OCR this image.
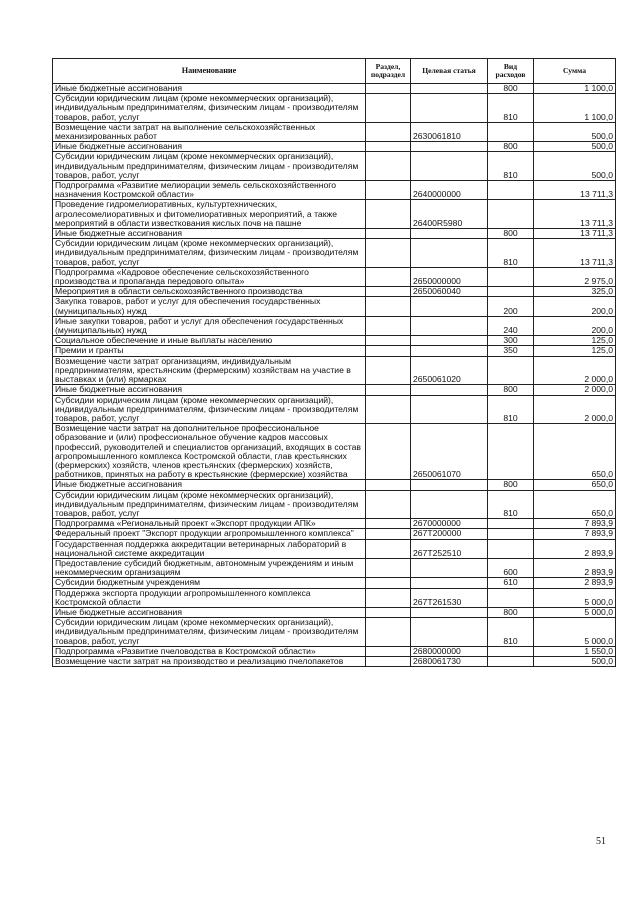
Наименование	Раздел, подраздел	Целевая статья	Вид расходов	Сумма
Иные бюджетные ассигнования			800	1 100,0
Субсидии юридическим лицам (кроме некоммерческих организаций), индивидуальным предпринимателям, физическим лицам - производителям товаров, работ, услуг			810	1 100,0
Возмещение части затрат на выполнение сельскохозяйственных механизированных работ		2630061810		500,0
Иные бюджетные ассигнования			800	500,0
Субсидии юридическим лицам (кроме некоммерческих организаций), индивидуальным предпринимателям, физическим лицам - производителям товаров, работ, услуг			810	500,0
Подпрограмма «Развитие мелиорации земель сельскохозяйственного назначения Костромской области»		2640000000		13 711,3
Проведение гидромелиоративных, культуртехнических, агролесомелиоративных и фитомелиоративных мероприятий, а также мероприятий в области известкования кислых почв на пашне		26400R5980		13 711,3
Иные бюджетные ассигнования			800	13 711,3
Субсидии юридическим лицам (кроме некоммерческих организаций), индивидуальным предпринимателям, физическим лицам - производителям товаров, работ, услуг			810	13 711,3
Подпрограмма «Кадровое обеспечение сельскохозяйственного производства и пропаганда передового опыта»		2650000000		2 975,0
Мероприятия в области сельскохозяйственного производства		2650060040		325,0
Закупка товаров, работ и услуг для обеспечения государственных (муниципальных) нужд			200	200,0
Иные закупки товаров, работ и услуг для обеспечения государственных (муниципальных) нужд			240	200,0
Социальное обеспечение и иные выплаты населению			300	125,0
Премии и гранты			350	125,0
Возмещение части затрат организациям, индивидуальным предпринимателям, крестьянским (фермерским) хозяйствам на участие в выставках и (или) ярмарках		2650061020		2 000,0
Иные бюджетные ассигнования			800	2 000,0
Субсидии юридическим лицам (кроме некоммерческих организаций), индивидуальным предпринимателям, физическим лицам - производителям товаров, работ, услуг			810	2 000,0
Возмещение части затрат на дополнительное профессиональное образование и (или) профессиональное обучение кадров массовых профессий, руководителей и специалистов организаций, входящих в состав агропромышленного комплекса Костромской области, глав крестьянских (фермерских) хозяйств, членов крестьянских (фермерских) хозяйств, работников, принятых на работу в крестьянские (фермерские) хозяйства		2650061070		650,0
Иные бюджетные ассигнования			800	650,0
Субсидии юридическим лицам (кроме некоммерческих организаций), индивидуальным предпринимателям, физическим лицам - производителям товаров, работ, услуг			810	650,0
Подпрограмма «Региональный проект «Экспорт продукции АПК»		2670000000		7 893,9
Федеральный проект "Экспорт продукции агропромышленного комплекса"		267Т200000		7 893,9
Государственная поддержка аккредитации ветеринарных лабораторий в национальной системе аккредитации		267Т252510		2 893,9
Предоставление субсидий бюджетным, автономным учреждениям и иным некоммерческим организациям			600	2 893,9
Субсидии бюджетным учреждениям			610	2 893,9
Поддержка экспорта продукции агропромышленного комплекса Костромской области		267Т261530		5 000,0
Иные бюджетные ассигнования			800	5 000,0
Субсидии юридическим лицам (кроме некоммерческих организаций), индивидуальным предпринимателям, физическим лицам - производителям товаров, работ, услуг			810	5 000,0
Подпрограмма «Развитие пчеловодства в Костромской области»		2680000000		1 550,0
Возмещение части затрат на производство и реализацию пчелопакетов		2680061730		500,0
51
